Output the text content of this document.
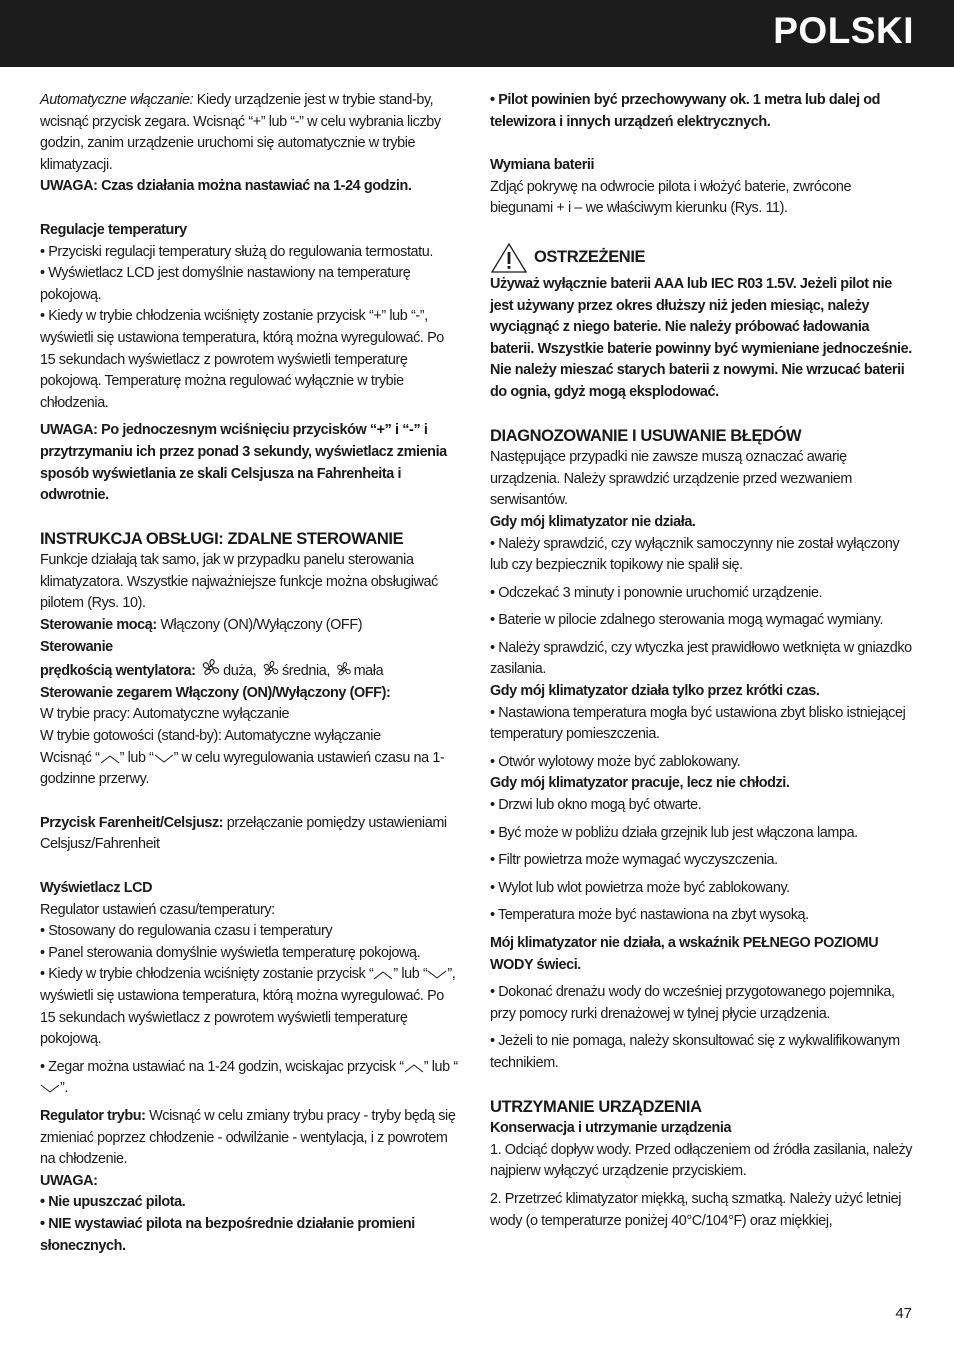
POLSKI

Automatyczne włączanie: Kiedy urządzenie jest w trybie stand-by, wcisnąć przycisk zegara. Wcisnąć “+” lub “-” w celu wybrania liczby godzin, zanim urządzenie uruchomi się automatycznie w trybie klimatyzacji.

UWAGA: Czas działania można nastawiać na 1-24 godzin.

Regulacje temperatury

• Przyciski regulacji temperatury służą do regulowania termostatu.

• Wyświetlacz LCD jest domyślnie nastawiony na temperaturę pokojową.

• Kiedy w trybie chłodzenia wciśnięty zostanie przycisk “+” lub “-”, wyświetli się ustawiona temperatura, którą można wyregulować. Po 15 sekundach wyświetlacz z powrotem wyświetli temperaturę pokojową. Temperaturę można regulować wyłącznie w trybie chłodzenia.

UWAGA: Po jednoczesnym wciśnięciu przycisków “+” i “-” i przytrzymaniu ich przez ponad 3 sekundy, wyświetlacz zmienia sposób wyświetlania ze skali Celsjusza na Fahrenheita i odwrotnie.

INSTRUKCJA OBSŁUGI: ZDALNE STEROWANIE

Funkcje działają tak samo, jak w przypadku panelu sterowania klimatyzatora. Wszystkie najważniejsze funkcje można obsługiwać pilotem (Rys. 10).

Sterowanie mocą: Włączony (ON)/Wyłączony (OFF)

Sterowanie

prędkością wentylatora: duża, średnia, mała

Sterowanie zegarem Włączony (ON)/Wyłączony (OFF):

W trybie pracy: Automatyczne wyłączanie

W trybie gotowości (stand-by): Automatyczne wyłączanie

Wcisnąć “ ” lub “ ” w celu wyregulowania ustawień czasu na 1-godzinne przerwy.

Przycisk Farenheit/Celsjusz: przełączanie pomiędzy ustawieniami Celsjusz/Fahrenheit

Wyświetlacz LCD

Regulator ustawień czasu/temperatury:

• Stosowany do regulowania czasu i temperatury

• Panel sterowania domyślnie wyświetla temperaturę pokojową.

• Kiedy w trybie chłodzenia wciśnięty zostanie przycisk “ ” lub “ ”, wyświetli się ustawiona temperatura, którą można wyregulować. Po 15 sekundach wyświetlacz z powrotem wyświetli temperaturę pokojową.

• Zegar można ustawiać na 1-24 godzin, wciskajac przycisk “ ” lub “”.

Regulator trybu: Wcisnąć w celu zmiany trybu pracy - tryby będą się zmieniać poprzez chłodzenie - odwilżanie - wentylacja, i z powrotem na chłodzenie.

UWAGA:

• Nie upuszczać pilota.

• NIE wystawiać pilota na bezpośrednie działanie promieni słonecznych.

• Pilot powinien być przechowywany ok. 1 metra lub dalej od telewizora i innych urządzeń elektrycznych.

Wymiana baterii

Zdjąć pokrywę na odwrocie pilota i włożyć baterie, zwrócone biegunami + i – we właściwym kierunku (Rys. 11).

OSTRZEŻENIE

Używaż wyłącznie baterii AAA lub IEC R03 1.5V. Jeżeli pilot nie jest używany przez okres dłuższy niż jeden miesiąc, należy wyciągnąć z niego baterie. Nie należy próbować ładowania baterii. Wszystkie baterie powinny być wymieniane jednocześnie. Nie należy mieszać starych baterii z nowymi. Nie wrzucać baterii do ognia, gdyż mogą eksplodować.

DIAGNOZOWANIE I USUWANIE BŁĘDÓW

Następujące przypadki nie zawsze muszą oznaczać awarię urządzenia. Należy sprawdzić urządzenie przed wezwaniem serwisantów.

Gdy mój klimatyzator nie działa.

• Należy sprawdzić, czy wyłącznik samoczynny nie został wyłączony lub czy bezpiecznik topikowy nie spalił się.

• Odczekać 3 minuty i ponownie uruchomić urządzenie.

• Baterie w pilocie zdalnego sterowania mogą wymagać wymiany.

• Należy sprawdzić, czy wtyczka jest prawidłowo wetknięta w gniazdko zasilania.

Gdy mój klimatyzator działa tylko przez krótki czas.

• Nastawiona temperatura mogła być ustawiona zbyt blisko istniejącej temperatury pomieszczenia.

• Otwór wylotowy może być zablokowany.

Gdy mój klimatyzator pracuje, lecz nie chłodzi.

• Drzwi lub okno mogą być otwarte.

• Być może w pobliżu działa grzejnik lub jest włączona lampa.

• Filtr powietrza może wymagać wyczyszczenia.

• Wylot lub wlot powietrza może być zablokowany.

• Temperatura może być nastawiona na zbyt wysoką.

Mój klimatyzator nie działa, a wskaźnik PEŁNEGO POZIOMU WODY świeci.

• Dokonać drenażu wody do wcześniej przygotowanego pojemnika, przy pomocy rurki drenażowej w tylnej płycie urządzenia.

• Jeżeli to nie pomaga, należy skonsultować się z wykwalifikowanym technikiem.

UTRZYMANIE URZĄDZENIA

Konserwacja i utrzymanie urządzenia

1. Odciąć dopływ wody. Przed odłączeniem od źródła zasilania, należy najpierw wyłączyć urządzenie przyciskiem.

2. Przetrzeć klimatyzator miękką, suchą szmatką. Należy użyć letniej wody (o temperaturze poniżej 40°C/104°F) oraz miękkiej,

47
